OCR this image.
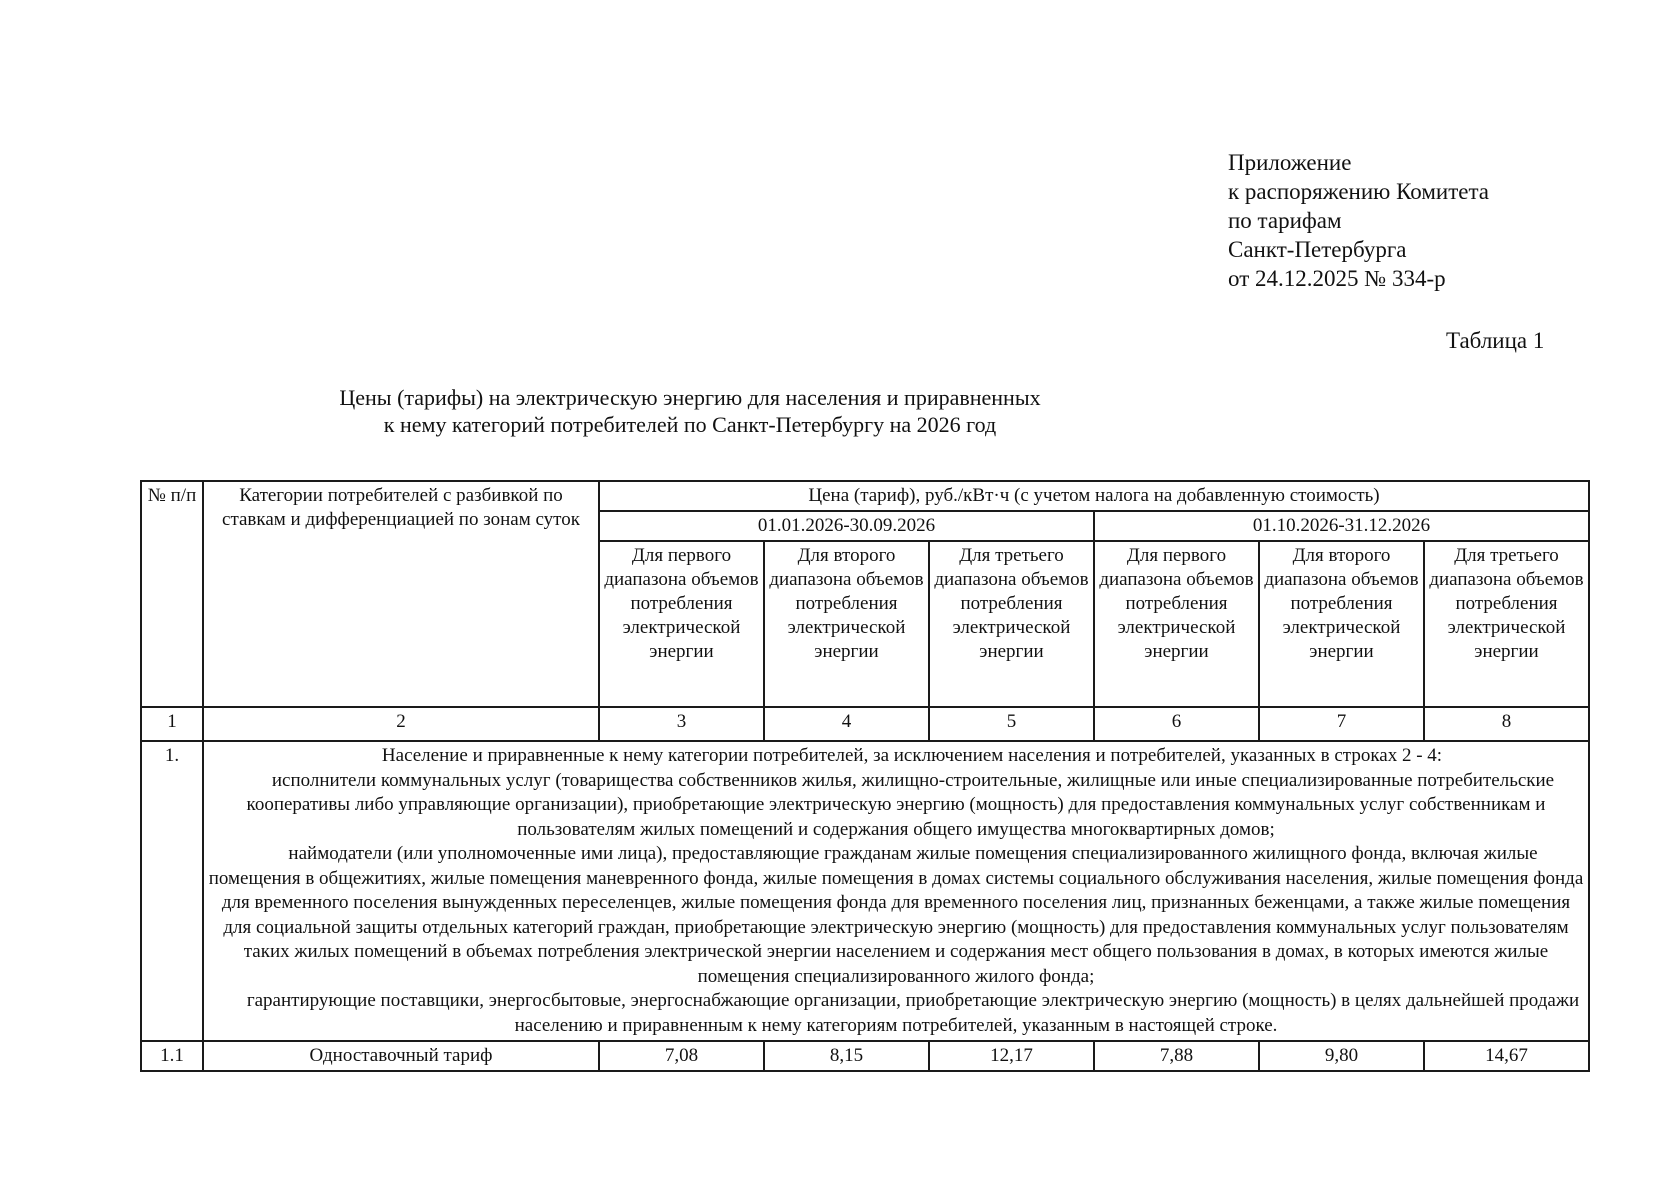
Приложение
к распоряжению Комитета
по тарифам
Санкт-Петербурга
от 24.12.2025 № 334-р
Таблица 1
Цены (тарифы) на электрическую энергию для населения и приравненных
к нему категорий потребителей по Санкт-Петербургу на 2026 год
№ п/п	Категории потребителей с разбивкой по ставкам и дифференциацией по зонам суток	Цена (тариф), руб./кВт·ч (с учетом налога на добавленную стоимость)					
		01.01.2026-30.09.2026			01.10.2026-31.12.2026		
		Для первого диапазона объемов потребления электрической энергии	Для второго диапазона объемов потребления электрической энергии	Для третьего диапазона объемов потребления электрической энергии	Для первого диапазона объемов потребления электрической энергии	Для второго диапазона объемов потребления электрической энергии	Для третьего диапазона объемов потребления электрической энергии
1	2	3	4	5	6	7	8
1.	Население и приравненные к нему категории потребителей, за исключением населения и потребителей, указанных в строках 2 - 4:

исполнители коммунальных услуг (товарищества собственников жилья, жилищно-строительные, жилищные или иные специализированные потребительские кооперативы либо управляющие организации), приобретающие электрическую энергию (мощность) для предоставления коммунальных услуг собственникам и пользователям жилых помещений и содержания общего имущества многоквартирных домов;

наймодатели (или уполномоченные ими лица), предоставляющие гражданам жилые помещения специализированного жилищного фонда, включая жилые помещения в общежитиях, жилые помещения маневренного фонда, жилые помещения в домах системы социального обслуживания населения, жилые помещения фонда для временного поселения вынужденных переселенцев, жилые помещения фонда для временного поселения лиц, признанных беженцами, а также жилые помещения для социальной защиты отдельных категорий граждан, приобретающие электрическую энергию (мощность) для предоставления коммунальных услуг пользователям таких жилых помещений в объемах потребления электрической энергии населением и содержания мест общего пользования в домах, в которых имеются жилые помещения специализированного жилого фонда;

гарантирующие поставщики, энергосбытовые, энергоснабжающие организации, приобретающие электрическую энергию (мощность) в целях дальнейшей продажи населению и приравненным к нему категориям потребителей, указанным в настоящей строке.						

1.1	Одноставочный тариф	7,08	8,15	12,17	7,88	9,80	14,67
